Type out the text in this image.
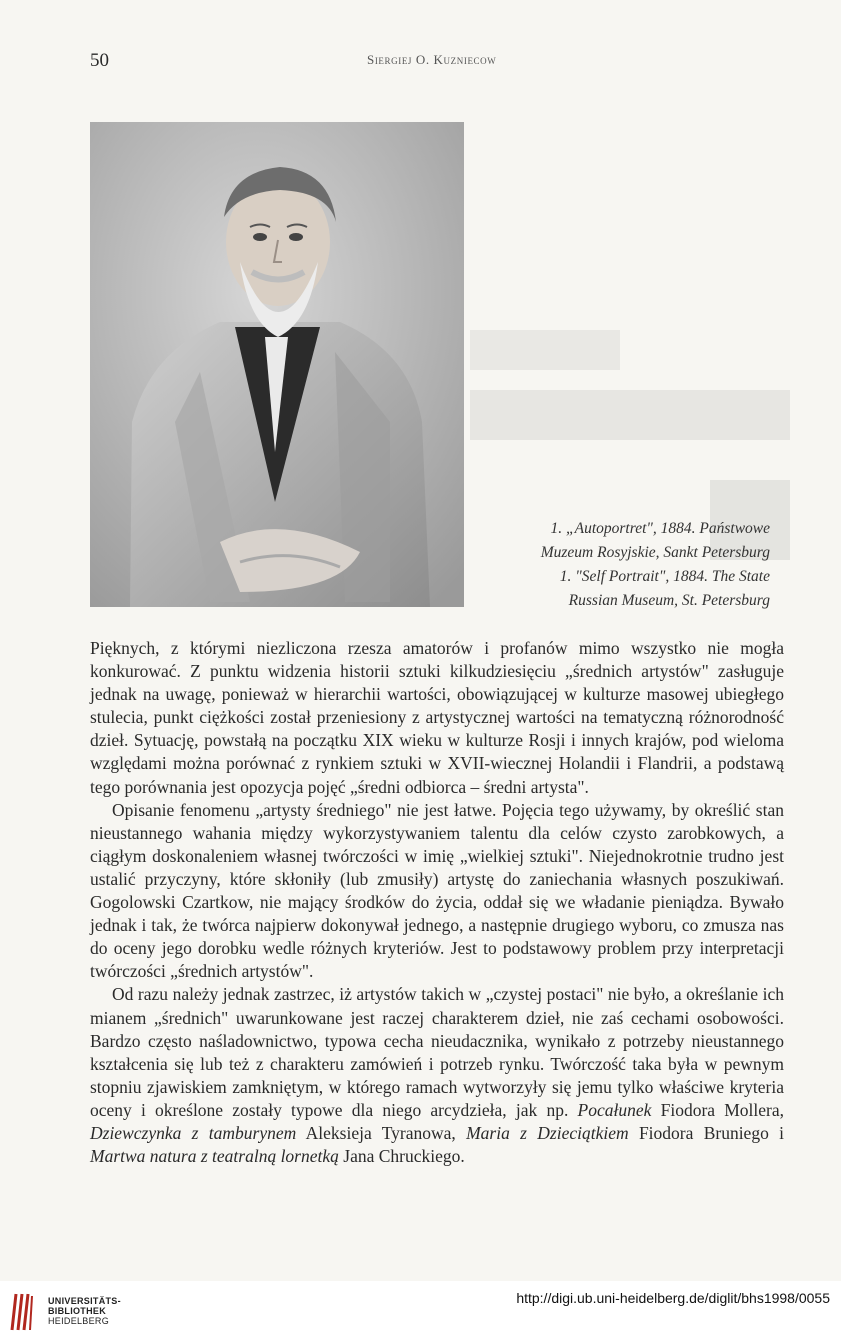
50	Siergiej O. Kuzniecow
1. „Autoportret", 1884. Państwowe
Muzeum Rosyjskie, Sankt Petersburg
1. "Self Portrait", 1884. The State
Russian Museum, St. Petersburg

Pięknych, z którymi niezliczona rzesza amatorów i profanów mimo wszystko nie mogła konkurować. Z punktu widzenia historii sztuki kilkudziesięciu „średnich artystów" zasługuje jednak na uwagę, ponieważ w hierarchii wartości, obowiązującej w kulturze masowej ubiegłego stulecia, punkt ciężkości został przeniesiony z artystycznej wartości na tematyczną różnorodność dzieł. Sytuację, powstałą na początku XIX wieku w kulturze Rosji i innych krajów, pod wieloma względami można porównać z rynkiem sztuki w XVII-wiecznej Holandii i Flandrii, a podstawą tego porównania jest opozycja pojęć „średni odbiorca – średni artysta".

Opisanie fenomenu „artysty średniego" nie jest łatwe. Pojęcia tego używamy, by określić stan nieustannego wahania między wykorzystywaniem talentu dla celów czysto zarobkowych, a ciągłym doskonaleniem własnej twórczości w imię „wielkiej sztuki". Niejednokrotnie trudno jest ustalić przyczyny, które skłoniły (lub zmusiły) artystę do zaniechania własnych poszukiwań. Gogolowski Czartkow, nie mający środków do życia, oddał się we władanie pieniądza. Bywało jednak i tak, że twórca najpierw dokonywał jednego, a następnie drugiego wyboru, co zmusza nas do oceny jego dorobku wedle różnych kryteriów. Jest to podstawowy problem przy interpretacji twórczości „średnich artystów".

Od razu należy jednak zastrzec, iż artystów takich w „czystej postaci" nie było, a określanie ich mianem „średnich" uwarunkowane jest raczej charakterem dzieł, nie zaś cechami osobowości. Bardzo często naśladownictwo, typowa cecha nieudacznika, wynikało z potrzeby nieustannego kształcenia się lub też z charakteru zamówień i potrzeb rynku. Twórczość taka była w pewnym stopniu zjawiskiem zamkniętym, w którego ramach wytworzyły się jemu tylko właściwe kryteria oceny i określone zostały typowe dla niego arcydzieła, jak np. Pocałunek Fiodora Mollera, Dziewczynka z tamburynem Aleksieja Tyranowa, Maria z Dzieciątkiem Fiodora Bruniego i Martwa natura z teatralną lornetką Jana Chruckiego.

UNIVERSITÄTS-
BIBLIOTHEK
HEIDELBERG
http://digi.ub.uni-heidelberg.de/diglit/bhs1998/0055
